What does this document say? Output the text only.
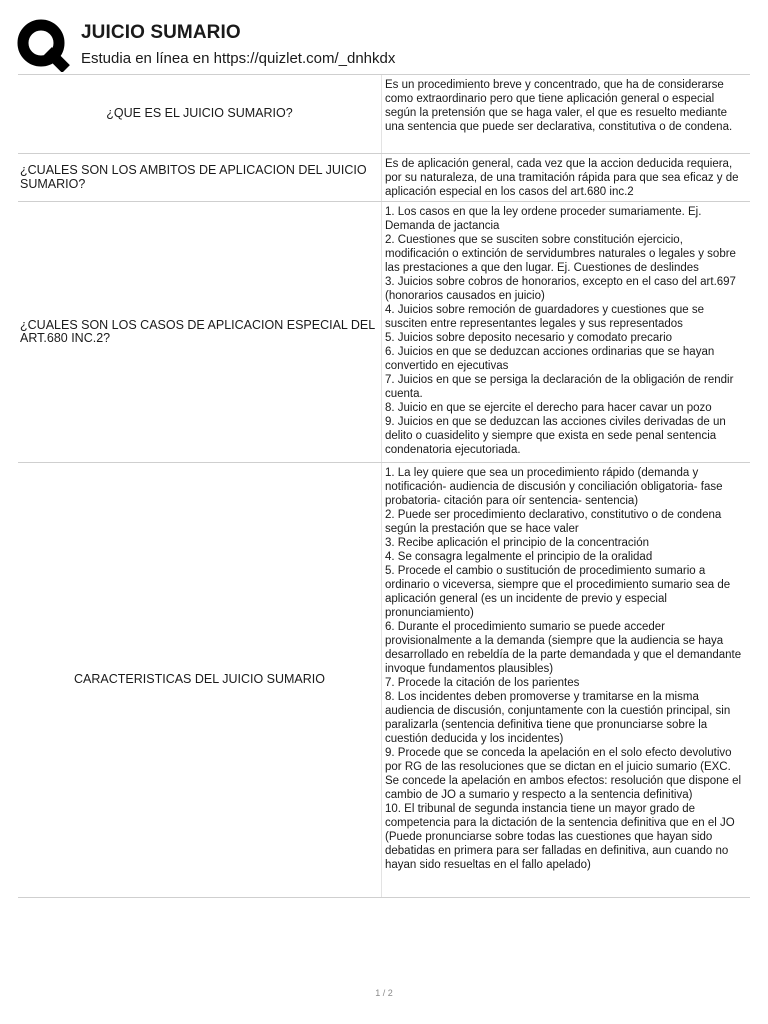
JUICIO SUMARIO
Estudia en línea en https://quizlet.com/_dnhkdx
¿QUE ES EL JUICIO SUMARIO?
Es un procedimiento breve y concentrado, que ha de considerarse como extraordinario pero que tiene aplicación general o especial según la pretensión que se haga valer, el que es resuelto mediante una sentencia que puede ser declarativa, constitutiva o de condena.
¿CUALES SON LOS AMBITOS DE APLICACION DEL JUICIO SUMARIO?
Es de aplicación general, cada vez que la accion deducida requiera, por su naturaleza, de una tramitación rápida para que sea eficaz y de aplicación especial en los casos del art.680 inc.2
¿CUALES SON LOS CASOS DE APLICACION ESPECIAL DEL ART.680 INC.2?
1. Los casos en que la ley ordene proceder sumariamente. Ej. Demanda de jactancia
2. Cuestiones que se susciten sobre constitución ejercicio, modificación o extinción de servidumbres naturales o legales y sobre las prestaciones a que den lugar. Ej. Cuestiones de deslindes
3. Juicios sobre cobros de honorarios, excepto en el caso del art.697 (honorarios causados en juicio)
4. Juicios sobre remoción de guardadores y cuestiones que se susciten entre representantes legales y sus representados
5. Juicios sobre deposito necesario y comodato precario
6. Juicios en que se deduzcan acciones ordinarias que se hayan convertido en ejecutivas
7. Juicios en que se persiga la declaración de la obligación de rendir cuenta.
8. Juicio en que se ejercite el derecho para hacer cavar un pozo
9. Juicios en que se deduzcan las acciones civiles derivadas de un delito o cuasidelito y siempre que exista en sede penal sentencia condenatoria ejecutoriada.
CARACTERISTICAS DEL JUICIO SUMARIO
1. La ley quiere que sea un procedimiento rápido (demanda y notificación- audiencia de discusión y conciliación obligatoria- fase probatoria- citación para oír sentencia- sentencia)
2. Puede ser procedimiento declarativo, constitutivo o de condena según la prestación que se hace valer
3. Recibe aplicación el principio de la concentración
4. Se consagra legalmente el principio de la oralidad
5. Procede el cambio o sustitución de procedimiento sumario a ordinario o viceversa, siempre que el procedimiento sumario sea de aplicación general (es un incidente de previo y especial pronunciamiento)
6. Durante el procedimiento sumario se puede acceder provisionalmente a la demanda (siempre que la audiencia se haya desarrollado en rebeldía de la parte demandada y que el demandante invoque fundamentos plausibles)
7. Procede la citación de los parientes
8. Los incidentes deben promoverse y tramitarse en la misma audiencia de discusión, conjuntamente con la cuestión principal, sin paralizarla (sentencia definitiva tiene que pronunciarse sobre la cuestión deducida y los incidentes)
9. Procede que se conceda la apelación en el solo efecto devolutivo por RG de las resoluciones que se dictan en el juicio sumario (EXC. Se concede la apelación en ambos efectos: resolución que dispone el cambio de JO a sumario y respecto a la sentencia definitiva)
10. El tribunal de segunda instancia tiene un mayor grado de competencia para la dictación de la sentencia definitiva que en el JO (Puede pronunciarse sobre todas las cuestiones que hayan sido debatidas en primera para ser falladas en definitiva, aun cuando no hayan sido resueltas en el fallo apelado)
1 / 2
